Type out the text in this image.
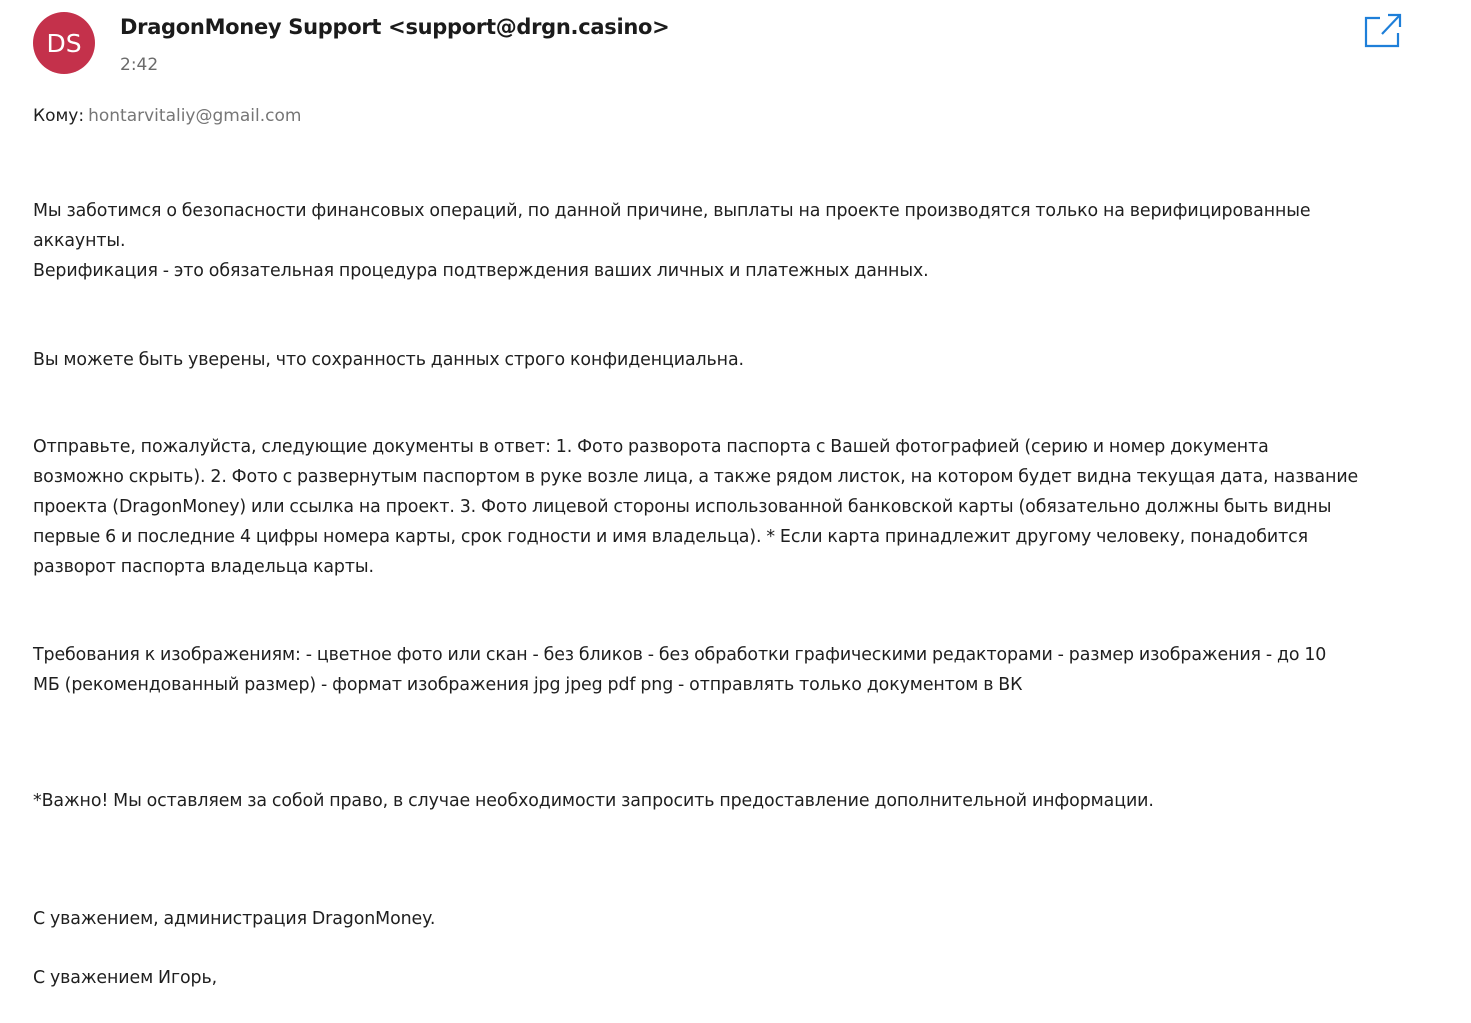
DS
DragonMoney Support <support@drgn.casino>
2:42
Кому: hontarvitaliy@gmail.com
Мы заботимся о безопасности финансовых операций, по данной причине, выплаты на проекте производятся только на верифицированные
аккаунты.
Верификация - это обязательная процедура подтверждения ваших личных и платежных данных.
Вы можете быть уверены, что сохранность данных строго конфиденциальна.
Отправьте, пожалуйста, следующие документы в ответ: 1. Фото разворота паспорта с Вашей фотографией (серию и номер документа
возможно скрыть). 2. Фото с развернутым паспортом в руке возле лица, а также рядом листок, на котором будет видна текущая дата, название
проекта (DragonMoney) или ссылка на проект. 3. Фото лицевой стороны использованной банковской карты (обязательно должны быть видны
первые 6 и последние 4 цифры номера карты, срок годности и имя владельца). * Если карта принадлежит другому человеку, понадобится
разворот паспорта владельца карты.
Требования к изображениям: - цветное фото или скан - без бликов - без обработки графическими редакторами - размер изображения - до 10
МБ (рекомендованный размер) - формат изображения jpg jpeg pdf png - отправлять только документом в ВК
*Важно! Мы оставляем за собой право, в случае необходимости запросить предоставление дополнительной информации.
С уважением, администрация DragonMoney.
С уважением Игорь,
